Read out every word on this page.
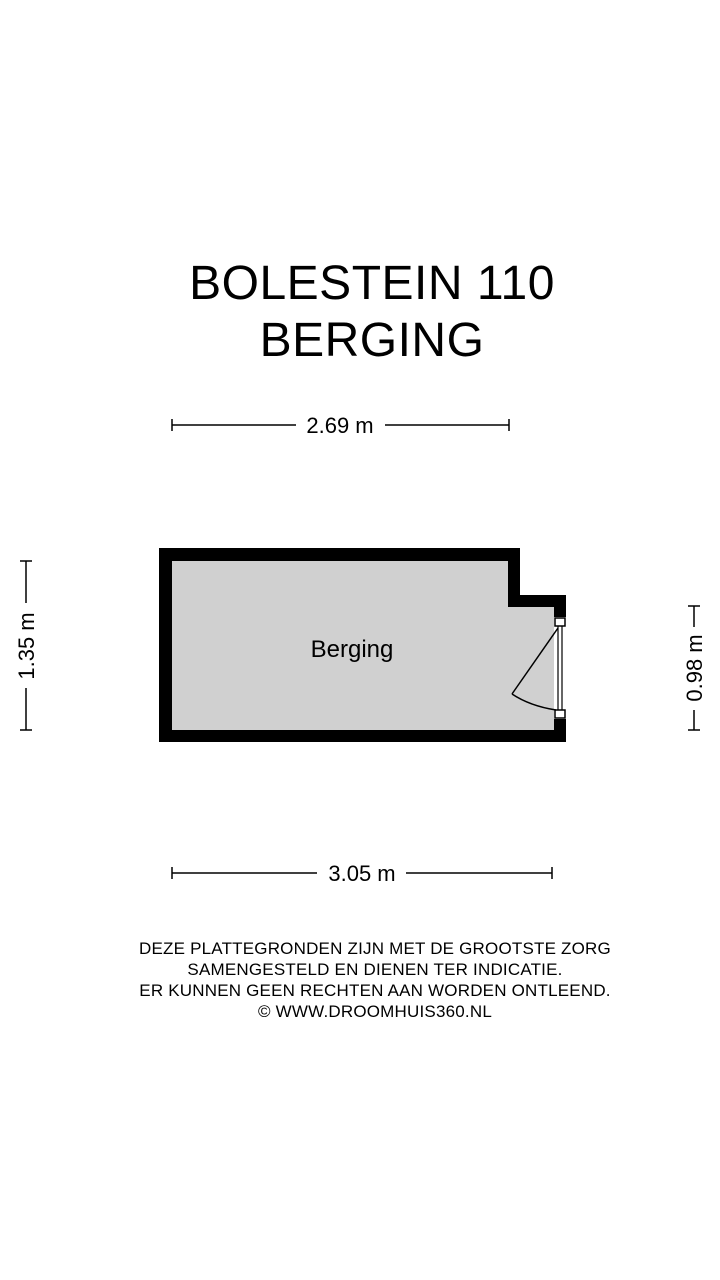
BOLESTEIN 110
BERGING
2.69 m
3.05 m
1.35 m	0.98 m
Berging
DEZE PLATTEGRONDEN ZIJN MET DE GROOTSTE ZORG
SAMENGESTELD EN DIENEN TER INDICATIE.
ER KUNNEN GEEN RECHTEN AAN WORDEN ONTLEEND.
© WWW.DROOMHUIS360.NL
